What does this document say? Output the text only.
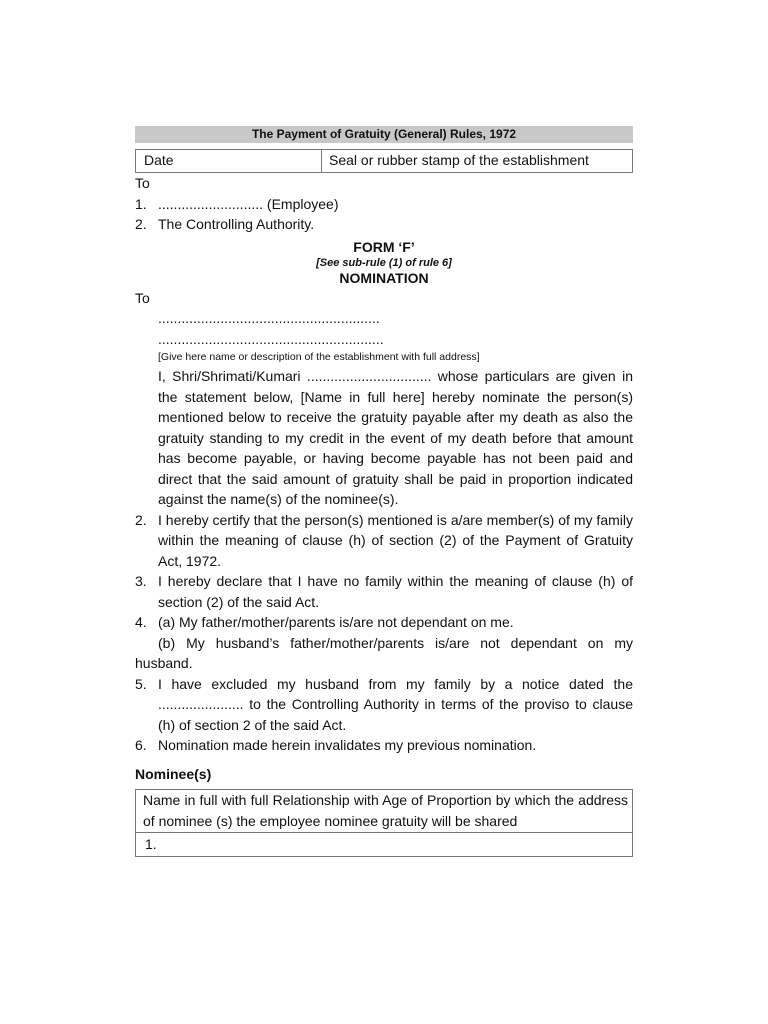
The Payment of Gratuity (General) Rules, 1972
Date	Seal or rubber stamp of the establishment
To
1. ........................... (Employee)
2. The Controlling Authority.
FORM ‘F’
[See sub-rule (1) of rule 6]
NOMINATION
To
.........................................................
..........................................................
[Give here name or description of the establishment with full address]
I, Shri/Shrimati/Kumari ................................ whose particulars are given in the statement below, [Name in full here] hereby nominate the person(s) mentioned below to receive the gratuity payable after my death as also the gratuity standing to my credit in the event of my death before that amount has become payable, or having become payable has not been paid and direct that the said amount of gratuity shall be paid in proportion indicated against the name(s) of the nominee(s).
2. I hereby certify that the person(s) mentioned is a/are member(s) of my family within the meaning of clause (h) of section (2) of the Payment of Gratuity Act, 1972.
3. I hereby declare that I have no family within the meaning of clause (h) of section (2) of the said Act.
4. (a) My father/mother/parents is/are not dependant on me.
(b) My husband’s father/mother/parents is/are not dependant on my husband.
5. I have excluded my husband from my family by a notice dated the ...................... to the Controlling Authority in terms of the proviso to clause (h) of section 2 of the said Act.
6. Nomination made herein invalidates my previous nomination.
Nominee(s)
Name in full with full Relationship with Age of Proportion by which the address of nominee (s) the employee nominee gratuity will be shared
1.
